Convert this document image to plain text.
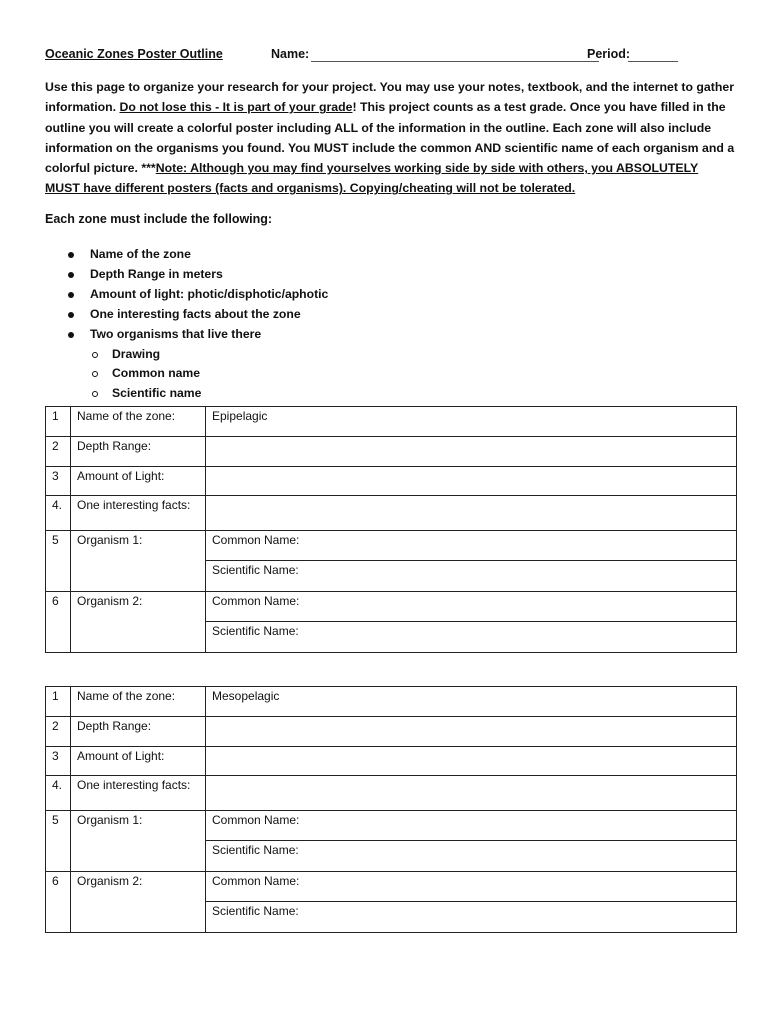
Oceanic Zones Poster Outline	Name:	Period:
Use this page to organize your research for your project. You may use your notes, textbook, and the internet to gather information. Do not lose this - It is part of your grade! This project counts as a test grade. Once you have filled in the outline you will create a colorful poster including ALL of the information in the outline. Each zone will also include information on the organisms you found. You MUST include the common AND scientific name of each organism and a colorful picture. ***Note: Although you may find yourselves working side by side with others, you ABSOLUTELY MUST have different posters (facts and organisms). Copying/cheating will not be tolerated.
Each zone must include the following:
Name of the zone
Depth Range in meters
Amount of light: photic/disphotic/aphotic
One interesting facts about the zone
Two organisms that live there
Drawing
Common name
Scientific name
1	Name of the zone:	Epipelagic
2	Depth Range:	
3	Amount of Light:	
4.	One interesting facts:	
5	Organism 1:	Common Name:
		Scientific Name:
6	Organism 2:	Common Name:
		Scientific Name:
1	Name of the zone:	Mesopelagic
2	Depth Range:	
3	Amount of Light:	
4.	One interesting facts:	
5	Organism 1:	Common Name:
		Scientific Name:
6	Organism 2:	Common Name:
		Scientific Name:
